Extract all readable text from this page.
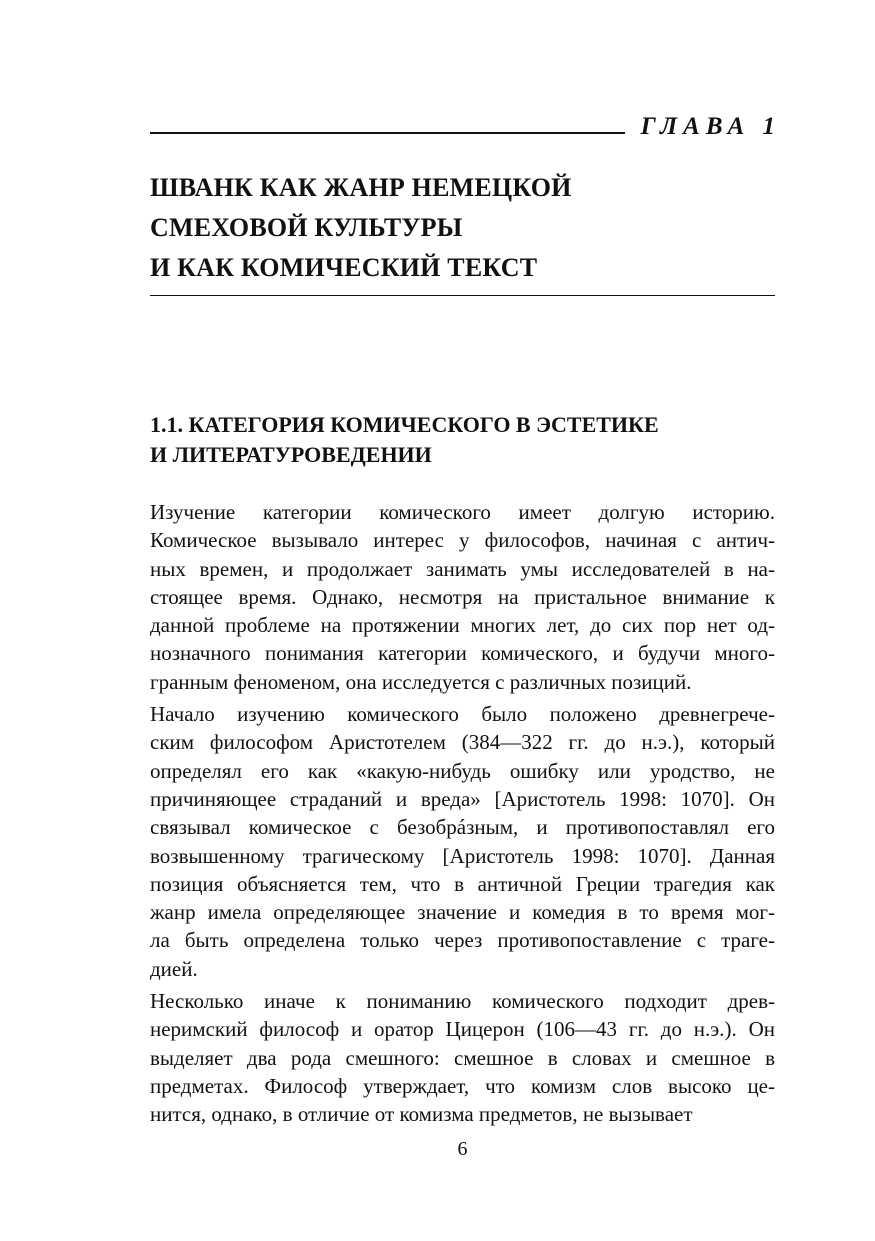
ГЛАВА 1
ШВАНК КАК ЖАНР НЕМЕЦКОЙ
СМЕХОВОЙ КУЛЬТУРЫ
И КАК КОМИЧЕСКИЙ ТЕКСТ
1.1. КАТЕГОРИЯ КОМИЧЕСКОГО В ЭСТЕТИКЕ
И ЛИТЕРАТУРОВЕДЕНИИ
Изучение категории комического имеет долгую историю.
Комическое вызывало интерес у философов, начиная с антич-
ных времен, и продолжает занимать умы исследователей в на-
стоящее время. Однако, несмотря на пристальное внимание к
данной проблеме на протяжении многих лет, до сих пор нет од-
нозначного понимания категории комического, и будучи много-
гранным феноменом, она исследуется с различных позиций.
Начало изучению комического было положено древнегрече-
ским философом Аристотелем (384—322 гг. до н.э.), который
определял его как «какую-нибудь ошибку или уродство, не
причиняющее страданий и вреда» [Аристотель 1998: 1070]. Он
связывал комическое с безобрáзным, и противопоставлял его
возвышенному трагическому [Аристотель 1998: 1070]. Данная
позиция объясняется тем, что в античной Греции трагедия как
жанр имела определяющее значение и комедия в то время мог-
ла быть определена только через противопоставление с траге-
дией.
Несколько иначе к пониманию комического подходит древ-
неримский философ и оратор Цицерон (106—43 гг. до н.э.). Он
выделяет два рода смешного: смешное в словах и смешное в
предметах. Философ утверждает, что комизм слов высоко це-
нится, однако, в отличие от комизма предметов, не вызывает
6
